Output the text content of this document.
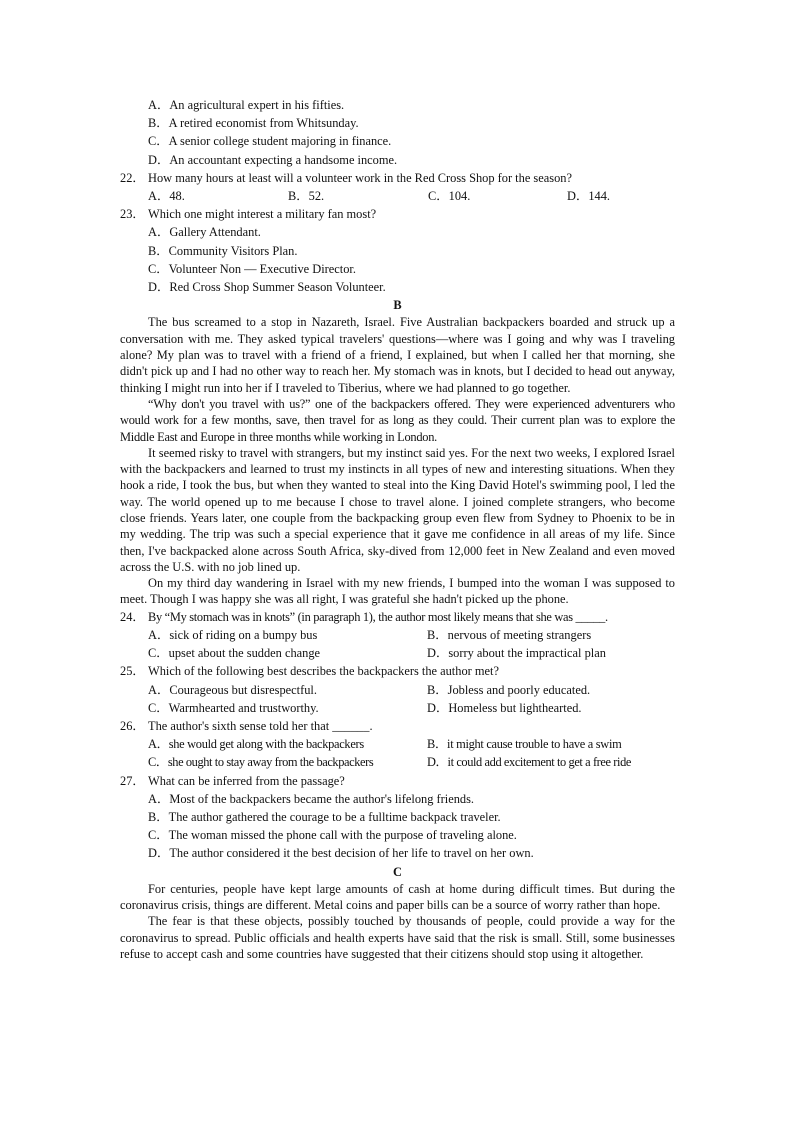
A．An agricultural expert in his fifties.
B．A retired economist from Whitsunday.
C．A senior college student majoring in finance.
D．An accountant expecting a handsome income.
22． How many hours at least will a volunteer work in the Red Cross Shop for the season?
A．48.	B．52.	C．104.	D．144.
23． Which one might interest a military fan most?
A．Gallery Attendant.
B．Community Visitors Plan.
C．Volunteer Non — Executive Director.
D．Red Cross Shop Summer Season Volunteer.
B
The bus screamed to a stop in Nazareth, Israel. Five Australian backpackers boarded and struck up a conversation with me. They asked typical travelers' questions—where was I going and why was I traveling alone? My plan was to travel with a friend of a friend, I explained, but when I called her that morning, she didn't pick up and I had no other way to reach her. My stomach was in knots, but I decided to head out anyway, thinking I might run into her if I traveled to Tiberius, where we had planned to go together.
“Why don't you travel with us?” one of the backpackers offered. They were experienced adventurers who would work for a few months, save, then travel for as long as they could. Their current plan was to explore the Middle East and Europe in three months while working in London.
It seemed risky to travel with strangers, but my instinct said yes. For the next two weeks, I explored Israel with the backpackers and learned to trust my instincts in all types of new and interesting situations. When they hook a ride, I took the bus, but when they wanted to steal into the King David Hotel's swimming pool, I led the way. The world opened up to me because I chose to travel alone. I joined complete strangers, who become close friends. Years later, one couple from the backpacking group even flew from Sydney to Phoenix to be in my wedding. The trip was such a special experience that it gave me confidence in all areas of my life. Since then, I've backpacked alone across South Africa, sky-dived from 12,000 feet in New Zealand and even moved across the U.S. with no job lined up.
On my third day wandering in Israel with my new friends, I bumped into the woman I was supposed to meet. Though I was happy she was all right, I was grateful she hadn't picked up the phone.
24． By “My stomach was in knots” (in paragraph 1), the author most likely means that she was _____.
A．sick of riding on a bumpy bus	B．nervous of meeting strangers
C．upset about the sudden change	D．sorry about the impractical plan
25． Which of the following best describes the backpackers the author met?
A．Courageous but disrespectful.	B．Jobless and poorly educated.
C．Warmhearted and trustworthy.	D．Homeless but lighthearted.
26． The author's sixth sense told her that ______.
A．she would get along with the backpackers	B．it might cause trouble to have a swim
C．she ought to stay away from the backpackers	D．it could add excitement to get a free ride
27． What can be inferred from the passage?
A．Most of the backpackers became the author's lifelong friends.
B．The author gathered the courage to be a fulltime backpack traveler.
C．The woman missed the phone call with the purpose of traveling alone.
D．The author considered it the best decision of her life to travel on her own.
C
For centuries, people have kept large amounts of cash at home during difficult times. But during the coronavirus crisis, things are different. Metal coins and paper bills can be a source of worry rather than hope.
The fear is that these objects, possibly touched by thousands of people, could provide a way for the coronavirus to spread. Public officials and health experts have said that the risk is small. Still, some businesses refuse to accept cash and some countries have suggested that their citizens should stop using it altogether.
